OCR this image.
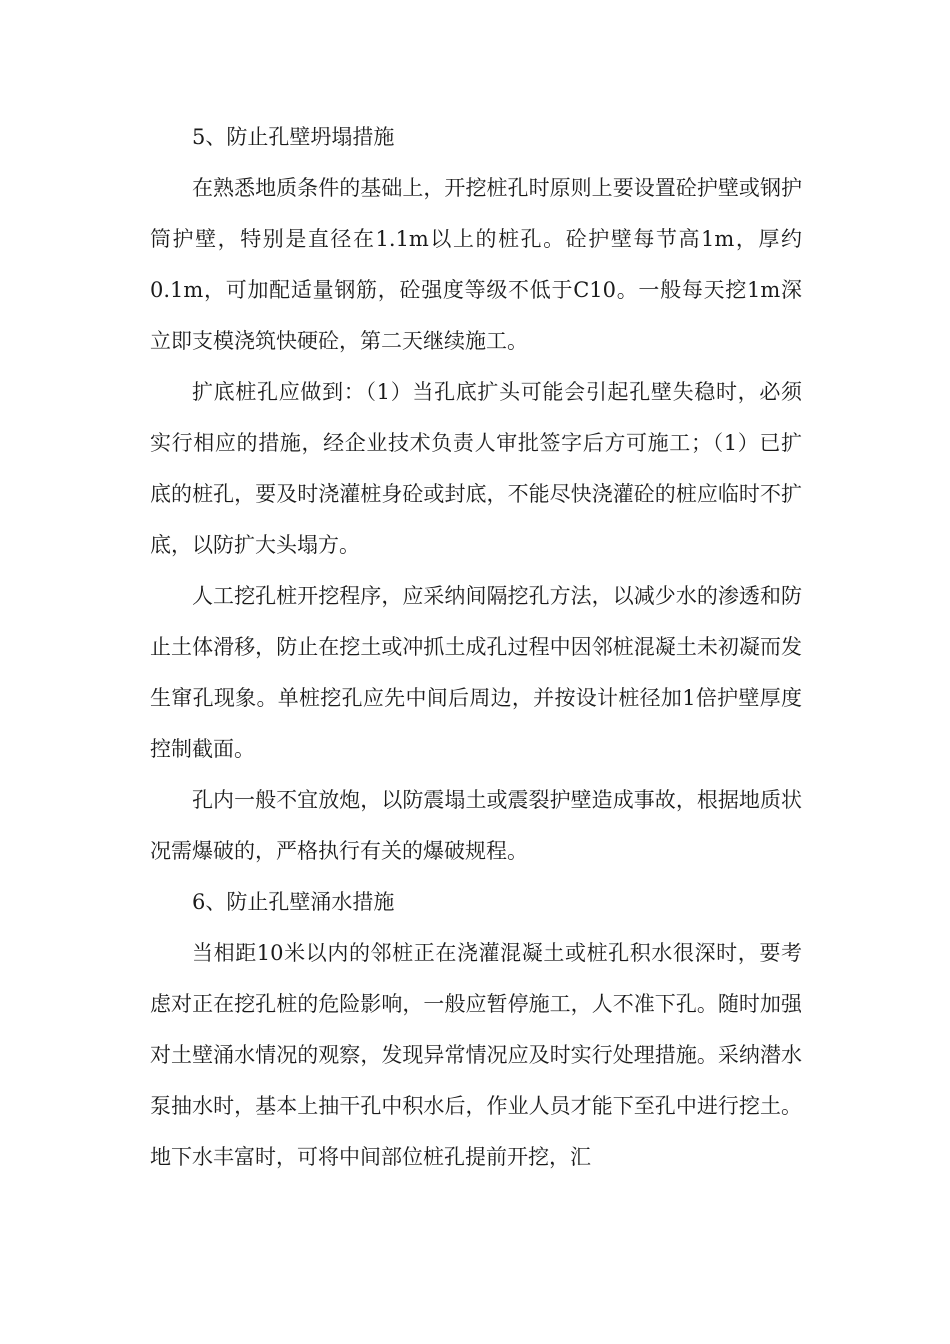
5、防止孔壁坍塌措施

在熟悉地质条件的基础上，开挖桩孔时原则上要设置砼护壁或钢护筒护壁，特别是直径在1.1m以上的桩孔。砼护壁每节高1m，厚约0.1m，可加配适量钢筋，砼强度等级不低于C10。一般每天挖1m深立即支模浇筑快硬砼，第二天继续施工。

扩底桩孔应做到：（1）当孔底扩头可能会引起孔壁失稳时，必须实行相应的措施，经企业技术负责人审批签字后方可施工；（1）已扩底的桩孔，要及时浇灌桩身砼或封底，不能尽快浇灌砼的桩应临时不扩底，以防扩大头塌方。

人工挖孔桩开挖程序，应采纳间隔挖孔方法，以减少水的渗透和防止土体滑移，防止在挖土或冲抓土成孔过程中因邻桩混凝土未初凝而发生窜孔现象。单桩挖孔应先中间后周边，并按设计桩径加1倍护壁厚度控制截面。

孔内一般不宜放炮，以防震塌土或震裂护壁造成事故，根据地质状况需爆破的，严格执行有关的爆破规程。

6、防止孔壁涌水措施

当相距10米以内的邻桩正在浇灌混凝土或桩孔积水很深时，要考虑对正在挖孔桩的危险影响，一般应暂停施工，人不准下孔。随时加强对土壁涌水情况的观察，发现异常情况应及时实行处理措施。采纳潜水泵抽水时，基本上抽干孔中积水后，作业人员才能下至孔中进行挖土。地下水丰富时，可将中间部位桩孔提前开挖，汇
